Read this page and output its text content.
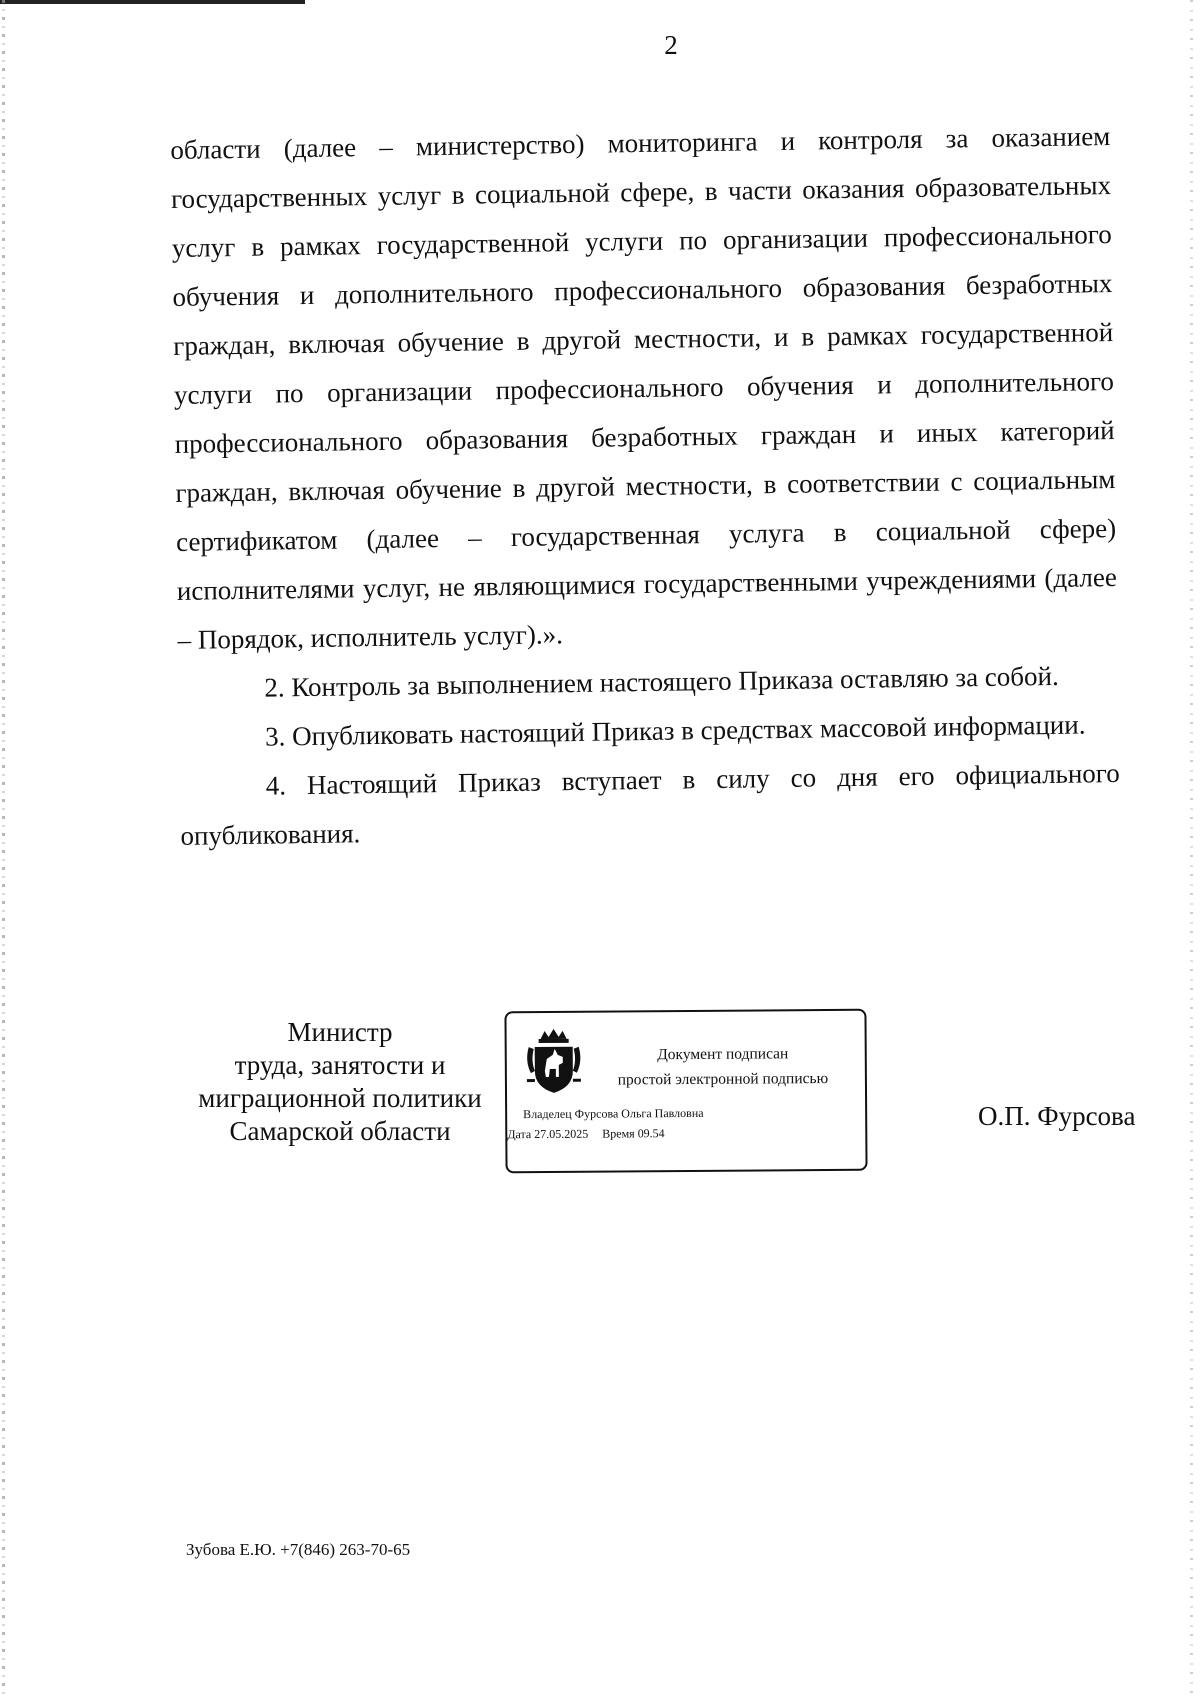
2

области (далее – министерство) мониторинга и контроля за оказанием государственных услуг в социальной сфере, в части оказания образовательных услуг в рамках государственной услуги по организации профессионального обучения и дополнительного профессионального образования безработных граждан, включая обучение в другой местности, и в рамках государственной услуги по организации профессионального обучения и дополнительного профессионального образования безработных граждан и иных категорий граждан, включая обучение в другой местности, в соответствии с социальным сертификатом (далее – государственная услуга в социальной сфере) исполнителями услуг, не являющимися государственными учреждениями (далее – Порядок, исполнитель услуг).».

2. Контроль за выполнением настоящего Приказа оставляю за собой.

3. Опубликовать настоящий Приказ в средствах массовой информации.

4. Настоящий Приказ вступает в силу со дня его официального опубликования.

Министр
труда, занятости и
миграционной политики
Самарской области
Документ подписан
простой электронной подписью
Владелец Фурсова Ольга Павловна
Дата 27.05.2025 Время 09.54
О.П. Фурсова
Зубова Е.Ю. +7(846) 263-70-65
